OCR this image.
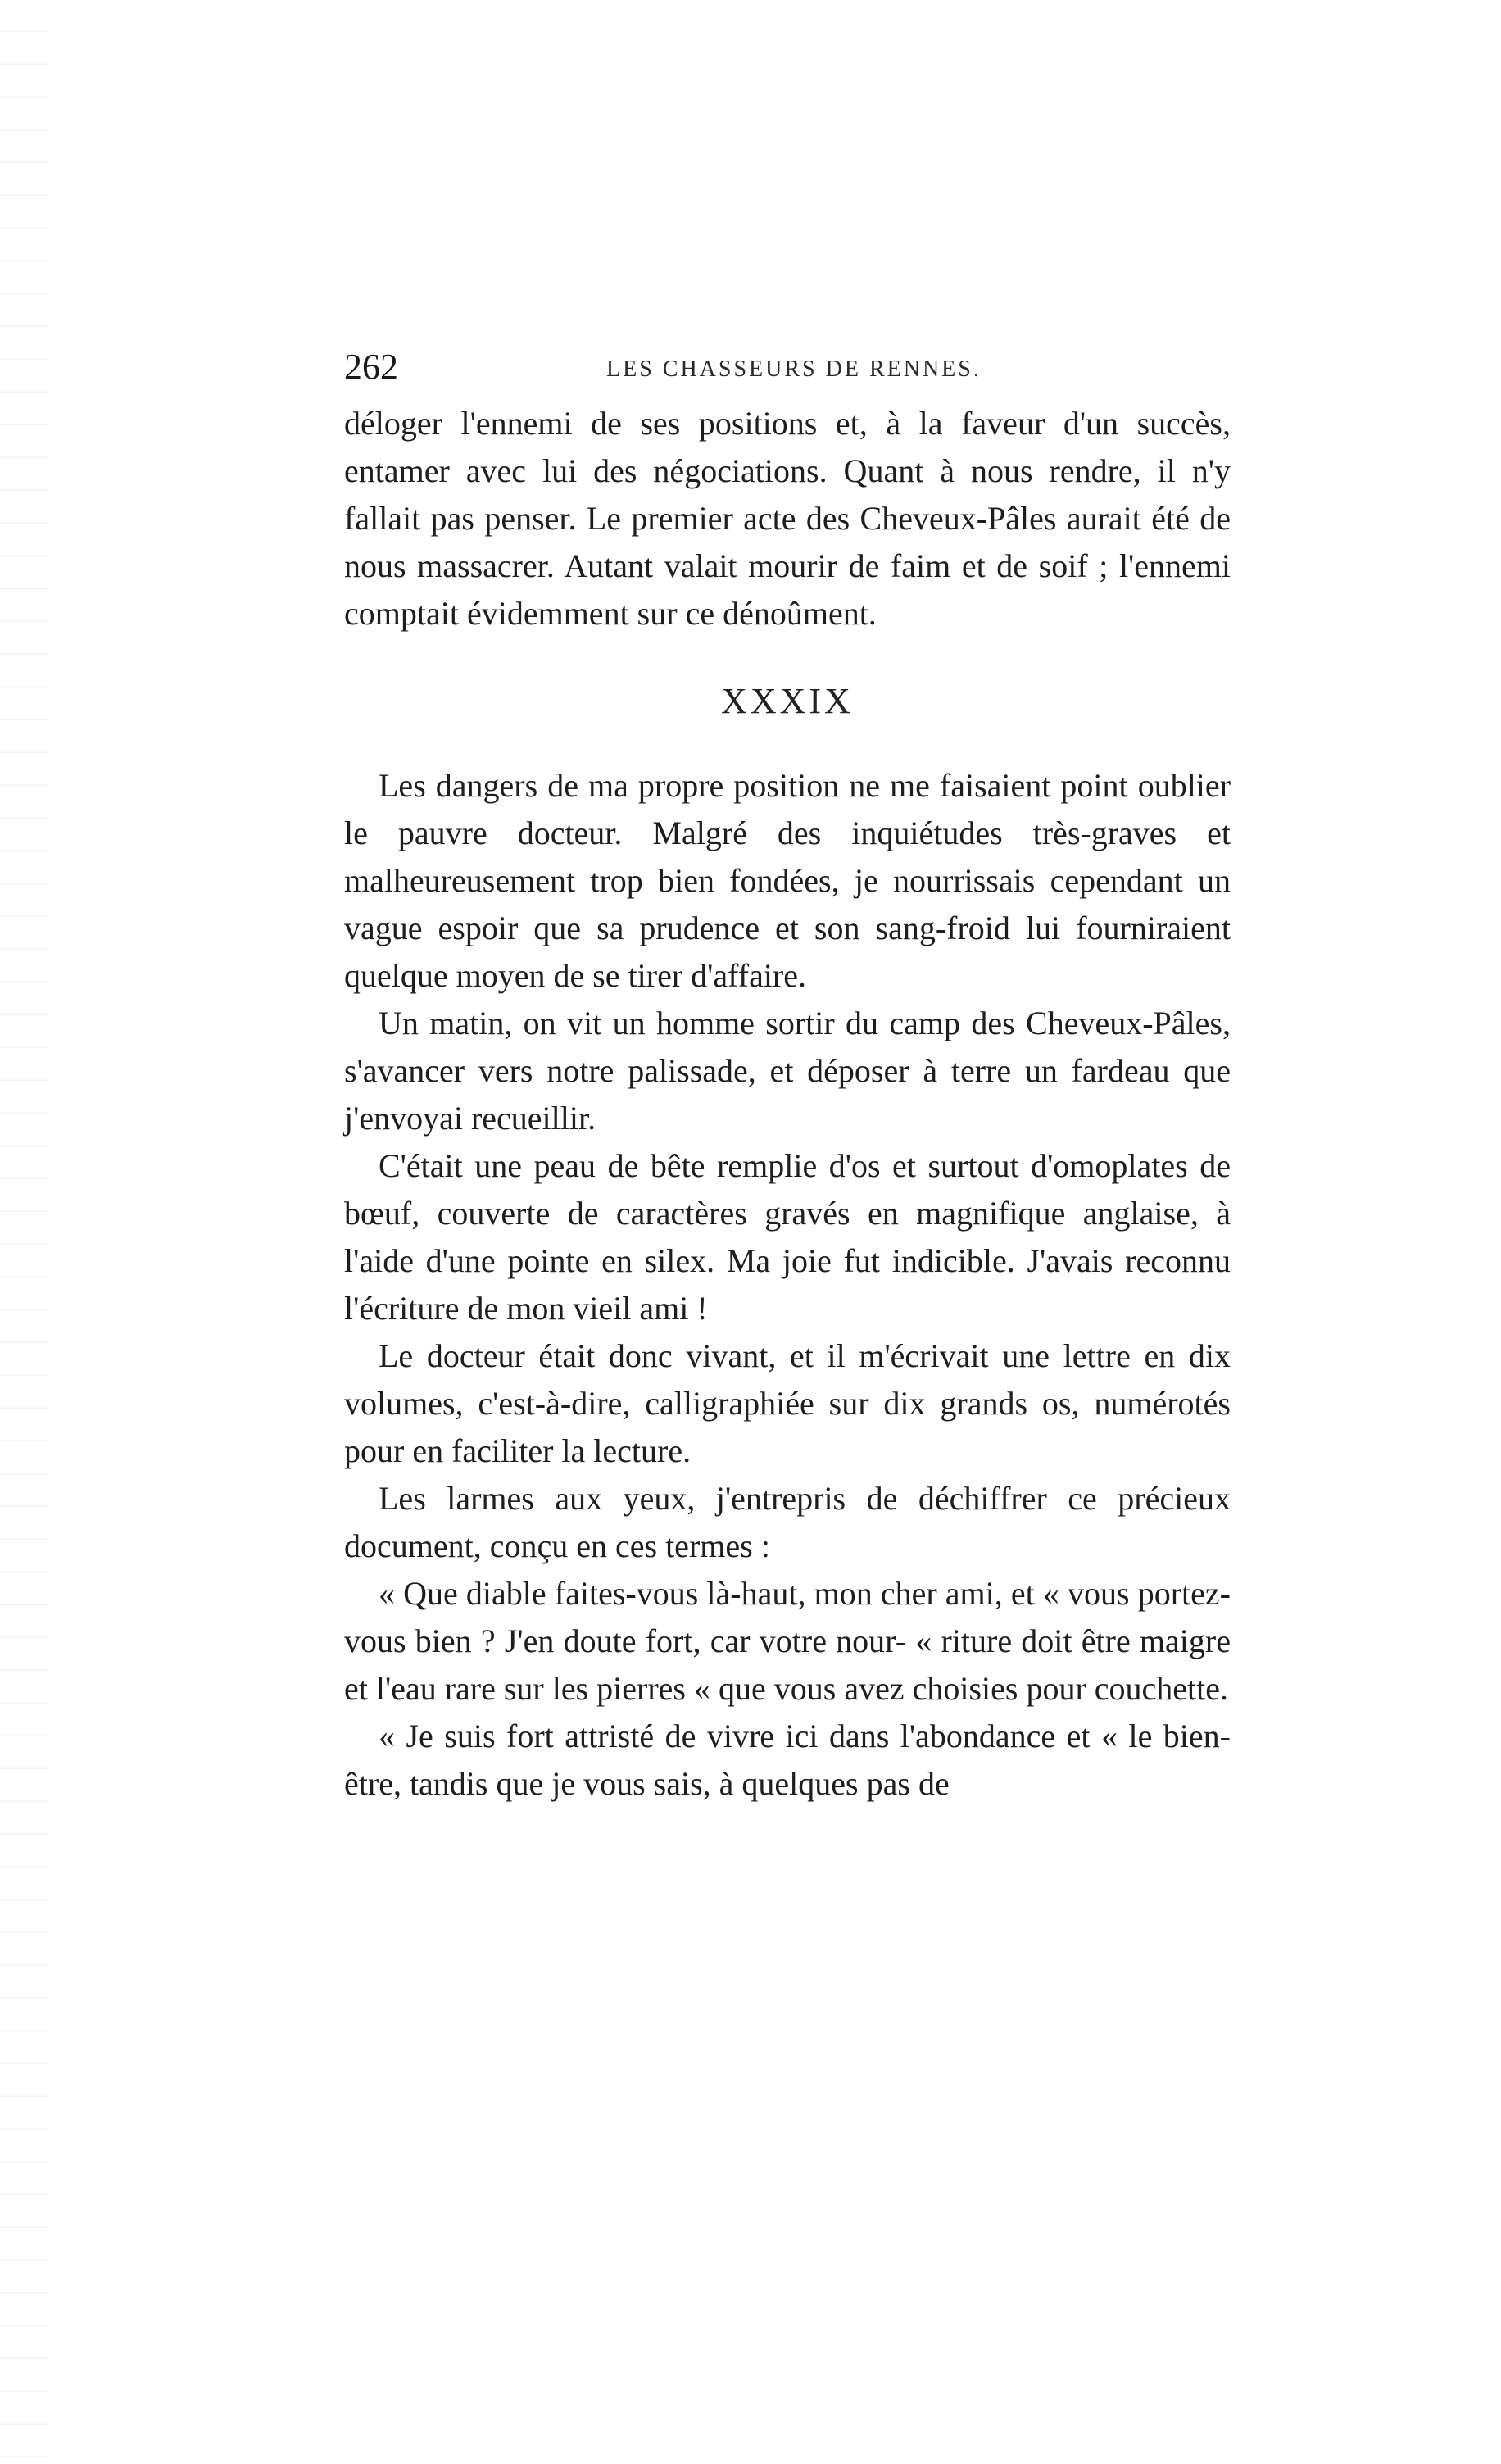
262	LES CHASSEURS DE RENNES.

déloger l'ennemi de ses positions et, à la faveur d'un succès, entamer avec lui des négociations. Quant à nous rendre, il n'y fallait pas penser. Le premier acte des Cheveux-Pâles aurait été de nous massacrer. Autant valait mourir de faim et de soif ; l'ennemi comptait évidemment sur ce dénoûment.

XXXIX

Les dangers de ma propre position ne me faisaient point oublier le pauvre docteur. Malgré des inquiétudes très-graves et malheureusement trop bien fondées, je nourrissais cependant un vague espoir que sa prudence et son sang-froid lui fourniraient quelque moyen de se tirer d'affaire.

Un matin, on vit un homme sortir du camp des Cheveux-Pâles, s'avancer vers notre palissade, et déposer à terre un fardeau que j'envoyai recueillir.

C'était une peau de bête remplie d'os et surtout d'omoplates de bœuf, couverte de caractères gravés en magnifique anglaise, à l'aide d'une pointe en silex. Ma joie fut indicible. J'avais reconnu l'écriture de mon vieil ami !

Le docteur était donc vivant, et il m'écrivait une lettre en dix volumes, c'est-à-dire, calligraphiée sur dix grands os, numérotés pour en faciliter la lecture.

Les larmes aux yeux, j'entrepris de déchiffrer ce précieux document, conçu en ces termes :

« Que diable faites-vous là-haut, mon cher ami, et « vous portez-vous bien ? J'en doute fort, car votre nour- « riture doit être maigre et l'eau rare sur les pierres « que vous avez choisies pour couchette.

« Je suis fort attristé de vivre ici dans l'abondance et « le bien-être, tandis que je vous sais, à quelques pas de
